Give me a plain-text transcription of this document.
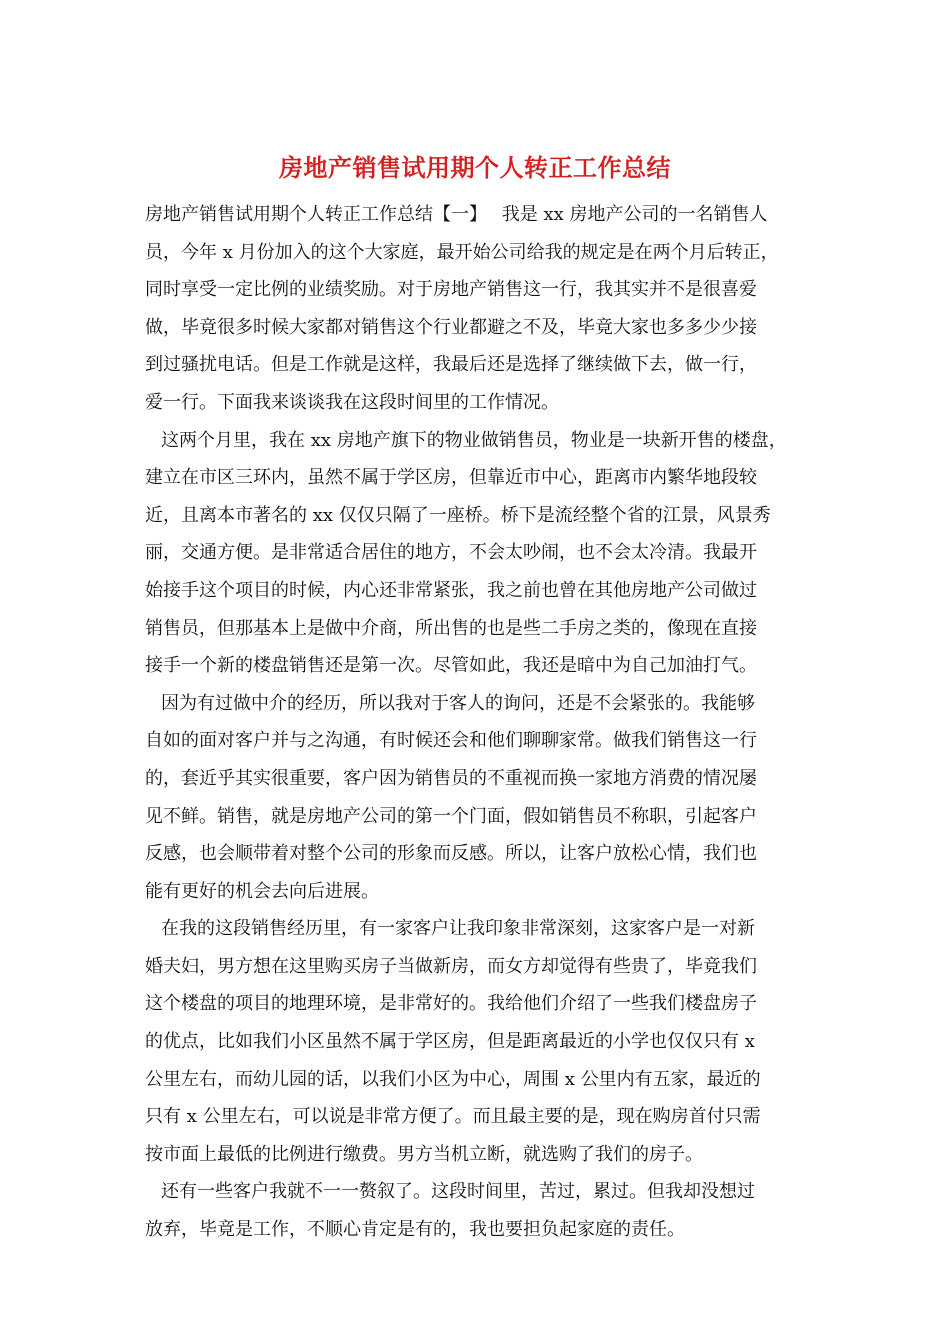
房地产销售试用期个人转正工作总结
房地产销售试用期个人转正工作总结【一】　 我是 xx 房地产公司的一名销售人
员，今年 x 月份加入的这个大家庭，最开始公司给我的规定是在两个月后转正，
同时享受一定比例的业绩奖励。对于房地产销售这一行，我其实并不是很喜爱
做，毕竟很多时候大家都对销售这个行业都避之不及，毕竟大家也多多少少接
到过骚扰电话。但是工作就是这样，我最后还是选择了继续做下去，做一行，
爱一行。下面我来谈谈我在这段时间里的工作情况。
这两个月里，我在 xx 房地产旗下的物业做销售员，物业是一块新开售的楼盘，
建立在市区三环内，虽然不属于学区房，但靠近市中心，距离市内繁华地段较
近，且离本市著名的 xx 仅仅只隔了一座桥。桥下是流经整个省的江景，风景秀
丽，交通方便。是非常适合居住的地方，不会太吵闹，也不会太冷清。我最开
始接手这个项目的时候，内心还非常紧张，我之前也曾在其他房地产公司做过
销售员，但那基本上是做中介商，所出售的也是些二手房之类的，像现在直接
接手一个新的楼盘销售还是第一次。尽管如此，我还是暗中为自己加油打气。
因为有过做中介的经历，所以我对于客人的询问，还是不会紧张的。我能够
自如的面对客户并与之沟通，有时候还会和他们聊聊家常。做我们销售这一行
的，套近乎其实很重要，客户因为销售员的不重视而换一家地方消费的情况屡
见不鲜。销售，就是房地产公司的第一个门面，假如销售员不称职，引起客户
反感，也会顺带着对整个公司的形象而反感。所以，让客户放松心情，我们也
能有更好的机会去向后进展。
在我的这段销售经历里，有一家客户让我印象非常深刻，这家客户是一对新
婚夫妇，男方想在这里购买房子当做新房，而女方却觉得有些贵了，毕竟我们
这个楼盘的项目的地理环境，是非常好的。我给他们介绍了一些我们楼盘房子
的优点，比如我们小区虽然不属于学区房，但是距离最近的小学也仅仅只有 x
公里左右，而幼儿园的话，以我们小区为中心，周围 x 公里内有五家，最近的
只有 x 公里左右，可以说是非常方便了。而且最主要的是，现在购房首付只需
按市面上最低的比例进行缴费。男方当机立断，就选购了我们的房子。
还有一些客户我就不一一赘叙了。这段时间里，苦过，累过。但我却没想过
放弃，毕竟是工作，不顺心肯定是有的，我也要担负起家庭的责任。
